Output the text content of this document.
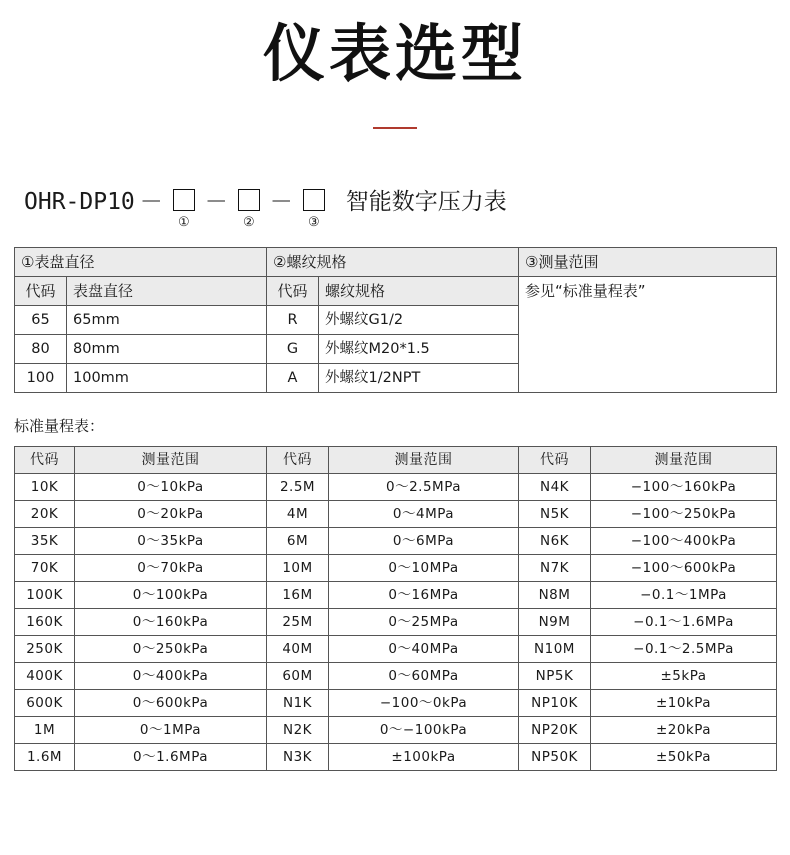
仪表选型
OHR-DP10 －
①
－
②
－
③
智能数字压力表
①表盘直径		②螺纹规格		③测量范围
代码	表盘直径	代码	螺纹规格	参见“标准量程表”
65	65mm	R	外螺纹G1/2	
80	80mm	G	外螺纹M20*1.5	
100	100mm	A	外螺纹1/2NPT	
标准量程表：
代码	测量范围	代码	测量范围	代码	测量范围
10K	0～10kPa	2.5M	0～2.5MPa	N4K	−100～160kPa
20K	0～20kPa	4M	0～4MPa	N5K	−100～250kPa
35K	0～35kPa	6M	0～6MPa	N6K	−100～400kPa
70K	0～70kPa	10M	0～10MPa	N7K	−100～600kPa
100K	0～100kPa	16M	0～16MPa	N8M	−0.1～1MPa
160K	0～160kPa	25M	0～25MPa	N9M	−0.1～1.6MPa
250K	0～250kPa	40M	0～40MPa	N10M	−0.1～2.5MPa
400K	0～400kPa	60M	0～60MPa	NP5K	±5kPa
600K	0～600kPa	N1K	−100～0kPa	NP10K	±10kPa
1M	0～1MPa	N2K	0～−100kPa	NP20K	±20kPa
1.6M	0～1.6MPa	N3K	±100kPa	NP50K	±50kPa
